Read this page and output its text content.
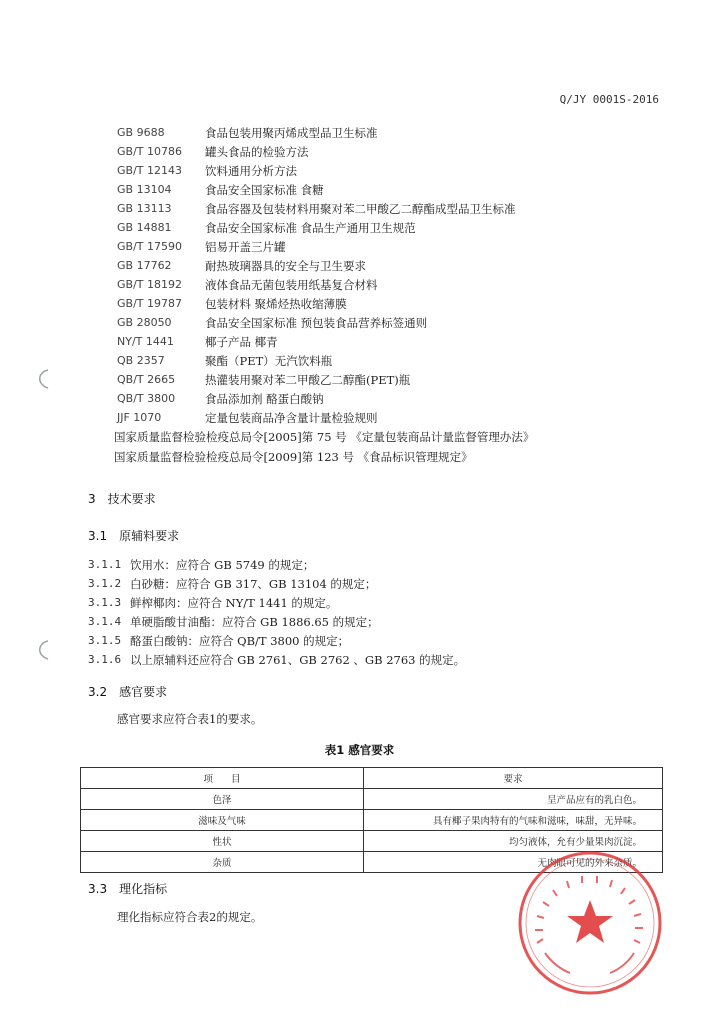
Q/JY 0001S-2016
GB 9688	食品包装用聚丙烯成型品卫生标准
GB/T 10786	罐头食品的检验方法
GB/T 12143	饮料通用分析方法
GB 13104	食品安全国家标准 食糖
GB 13113	食品容器及包装材料用聚对苯二甲酸乙二醇酯成型品卫生标准
GB 14881	食品安全国家标准 食品生产通用卫生规范
GB/T 17590	铝易开盖三片罐
GB 17762	耐热玻璃器具的安全与卫生要求
GB/T 18192	液体食品无菌包装用纸基复合材料
GB/T 19787	包装材料 聚烯烃热收缩薄膜
GB 28050	食品安全国家标准 预包装食品营养标签通则
NY/T 1441	椰子产品 椰青
QB 2357	聚酯（PET）无汽饮料瓶
QB/T 2665	热灌装用聚对苯二甲酸乙二醇酯(PET)瓶
QB/T 3800	食品添加剂 酪蛋白酸钠
JJF 1070	定量包装商品净含量计量检验规则
国家质量监督检验检疫总局令[2005]第 75 号 《定量包装商品计量监督管理办法》
国家质量监督检验检疫总局令[2009]第 123 号 《食品标识管理规定》
3 技术要求
3.1 原辅料要求
3.1.1 饮用水：应符合 GB 5749 的规定；
3.1.2 白砂糖：应符合 GB 317、GB 13104 的规定；
3.1.3 鲜榨椰肉：应符合 NY/T 1441 的规定。
3.1.4 单硬脂酸甘油酯：应符合 GB 1886.65 的规定；
3.1.5 酪蛋白酸钠：应符合 QB/T 3800 的规定；
3.1.6 以上原辅料还应符合 GB 2761、GB 2762 、GB 2763 的规定。
3.2 感官要求
感官要求应符合表1的要求。
表1 感官要求
项      目	要求
色泽	呈产品应有的乳白色。
滋味及气味	具有椰子果肉特有的气味和滋味，味甜，无异味。
性状	均匀液体，允有少量果肉沉淀。
杂质	无肉眼可见的外来杂质。
3.3 理化指标
理化指标应符合表2的规定。
